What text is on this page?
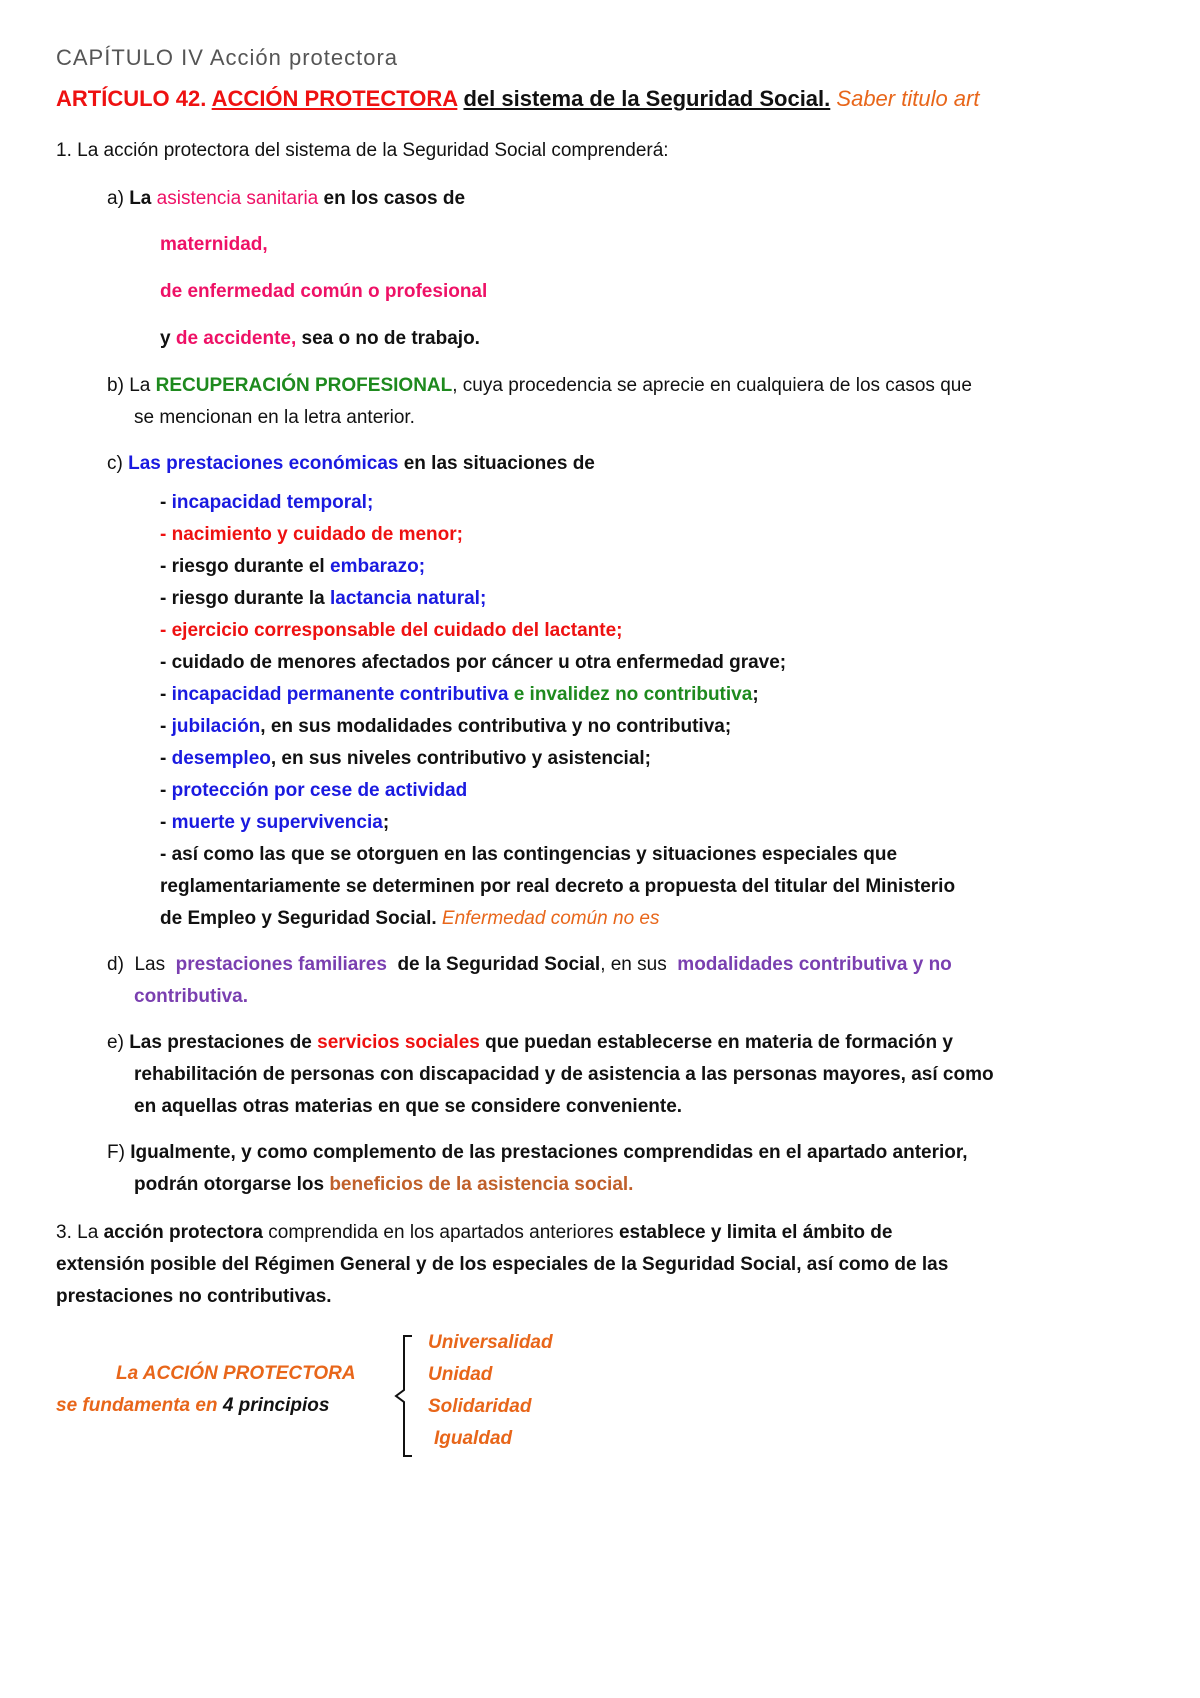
CAPÍTULO IV Acción protectora
ARTÍCULO 42. ACCIÓN PROTECTORA del sistema de la Seguridad Social. Saber titulo art
1. La acción protectora del sistema de la Seguridad Social comprenderá:
a) La asistencia sanitaria en los casos de
maternidad,
de enfermedad común o profesional
y de accidente, sea o no de trabajo.
b) La RECUPERACIÓN PROFESIONAL, cuya procedencia se aprecie en cualquiera de los casos que
se mencionan en la letra anterior.
c) Las prestaciones económicas en las situaciones de
- incapacidad temporal;
- nacimiento y cuidado de menor;
- riesgo durante el embarazo;
- riesgo durante la lactancia natural;
- ejercicio corresponsable del cuidado del lactante;
- cuidado de menores afectados por cáncer u otra enfermedad grave;
- incapacidad permanente contributiva e invalidez no contributiva;
- jubilación, en sus modalidades contributiva y no contributiva;
- desempleo, en sus niveles contributivo y asistencial;
- protección por cese de actividad
- muerte y supervivencia;
- así como las que se otorguen en las contingencias y situaciones especiales que
reglamentariamente se determinen por real decreto a propuesta del titular del Ministerio
de Empleo y Seguridad Social. Enfermedad común no es
d) Las prestaciones familiares de la Seguridad Social, en sus modalidades contributiva y no
contributiva.
e) Las prestaciones de servicios sociales que puedan establecerse en materia de formación y
rehabilitación de personas con discapacidad y de asistencia a las personas mayores, así como
en aquellas otras materias en que se considere conveniente.
F) Igualmente, y como complemento de las prestaciones comprendidas en el apartado anterior,
podrán otorgarse los beneficios de la asistencia social.
3. La acción protectora comprendida en los apartados anteriores establece y limita el ámbito de
extensión posible del Régimen General y de los especiales de la Seguridad Social, así como de las
prestaciones no contributivas.
La ACCIÓN PROTECTORA
se fundamenta en 4 principios
Universalidad
Unidad
Solidaridad
Igualdad
